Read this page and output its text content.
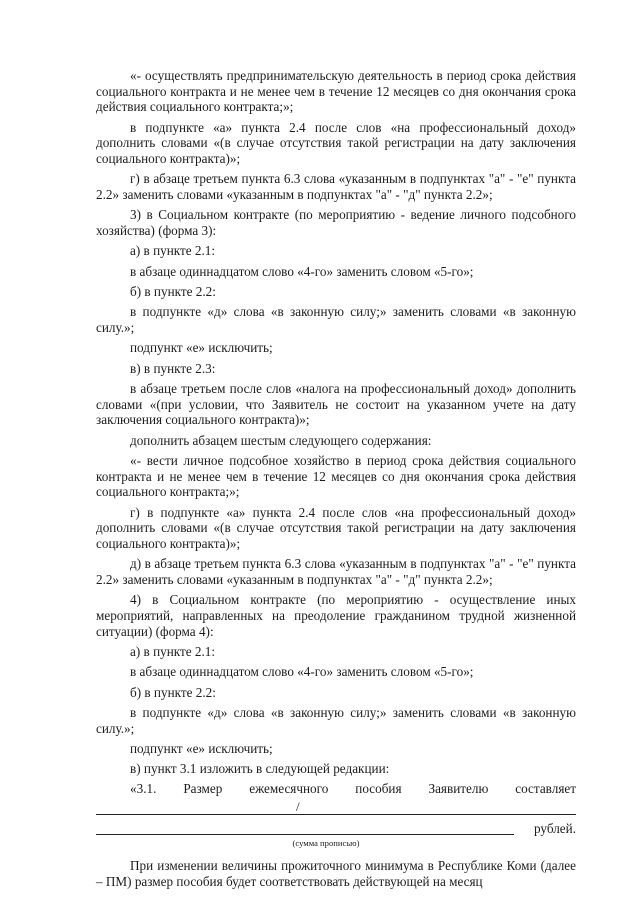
«- осуществлять предпринимательскую деятельность в период срока действия социального контракта и не менее чем в течение 12 месяцев со дня окончания срока действия социального контракта;»;

в подпункте «а» пункта 2.4 после слов «на профессиональный доход» дополнить словами «(в случае отсутствия такой регистрации на дату заключения социального контракта)»;

г) в абзаце третьем пункта 6.3 слова «указанным в подпунктах "а" - "е" пункта 2.2» заменить словами «указанным в подпунктах "а" - "д" пункта 2.2»;

3) в Социальном контракте (по мероприятию - ведение личного подсобного хозяйства) (форма 3):

а) в пункте 2.1:

в абзаце одиннадцатом слово «4-го» заменить словом «5-го»;

б) в пункте 2.2:

в подпункте «д» слова «в законную силу;» заменить словами «в законную силу.»;

подпункт «е» исключить;

в) в пункте 2.3:

в абзаце третьем после слов «налога на профессиональный доход» дополнить словами «(при условии, что Заявитель не состоит на указанном учете на дату заключения социального контракта)»;

дополнить абзацем шестым следующего содержания:

«- вести личное подсобное хозяйство в период срока действия социального контракта и не менее чем в течение 12 месяцев со дня окончания срока действия социального контракта;»;

г) в подпункте «а» пункта 2.4 после слов «на профессиональный доход» дополнить словами «(в случае отсутствия такой регистрации на дату заключения социального контракта)»;

д) в абзаце третьем пункта 6.3 слова «указанным в подпунктах "а" - "е" пункта 2.2» заменить словами «указанным в подпунктах "а" - "д" пункта 2.2»;

4) в Социальном контракте (по мероприятию - осуществление иных мероприятий, направленных на преодоление гражданином трудной жизненной ситуации) (форма 4):

а) в пункте 2.1:

в абзаце одиннадцатом слово «4-го» заменить словом «5-го»;

б) в пункте 2.2:

в подпункте «д» слова «в законную силу;» заменить словами «в законную силу.»;

подпункт «е» исключить;

в) пункт 3.1 изложить в следующей редакции:

«3.1. Размер ежемесячного пособия Заявителю составляет

/
рублей.

(сумма прописью)

При изменении величины прожиточного минимума в Республике Коми (далее – ПМ) размер пособия будет соответствовать действующей на месяц
